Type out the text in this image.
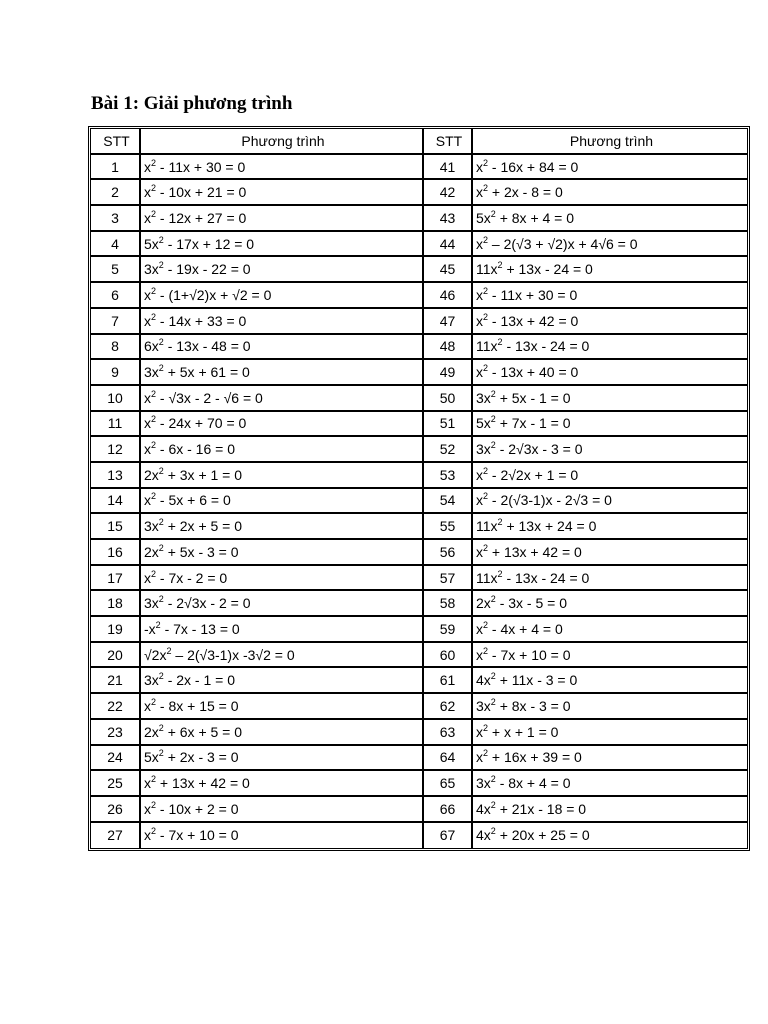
Bài 1: Giải phương trình
STT	Phương trình	STT	Phương trình
1	$x^2 - 11x + 30 = 0$	41	$x^2 - 16x + 84 = 0$
2	$x^2 - 10x + 21 = 0$	42	$x^2 + 2x - 8 = 0$
3	$x^2 - 12x + 27 = 0$	43	$5x^2 + 8x + 4 = 0$
4	$5x^2 - 17x + 12 = 0$	44	$x^2 - 2(√3 + √2)x + 4√6 = 0$
5	$3x^2 - 19x - 22 = 0$	45	$11x^2 + 13x - 24 = 0$
6	$x^2 - (1+√2)x + √2 = 0$	46	$x^2 - 11x + 30 = 0$
7	$x^2 - 14x + 33 = 0$	47	$x^2 - 13x + 42 = 0$
8	$6x^2 - 13x - 48 = 0$	48	$11x^2 - 13x - 24 = 0$
9	$3x^2 + 5x + 61 = 0$	49	$x^2 - 13x + 40 = 0$
10	$x^2 - √3x - 2 - √6 = 0$	50	$3x^2 + 5x - 1 = 0$
11	$x^2 - 24x + 70 = 0$	51	$5x^2 + 7x - 1 = 0$
12	$x^2 - 6x - 16 = 0$	52	$3x^2 - 2√3x - 3 = 0$
13	$2x^2 + 3x + 1 = 0$	53	$x^2 - 2√2x + 1 = 0$
14	$x^2 - 5x + 6 = 0$	54	$x^2 - 2(√3-1)x - 2√3 = 0$
15	$3x^2 + 2x + 5 = 0$	55	$11x^2 + 13x + 24 = 0$
16	$2x^2 + 5x - 3 = 0$	56	$x^2 + 13x + 42 = 0$
17	$x^2 - 7x - 2 = 0$	57	$11x^2 - 13x - 24 = 0$
18	$3x^2 - 2√3x - 2 = 0$	58	$2x^2 - 3x - 5 = 0$
19	$-x^2 - 7x - 13 = 0$	59	$x^2 - 4x + 4 = 0$
20	$√2x^2 - 2(√3-1)x$ -3√2 = 0	60	$x^2 - 7x + 10 = 0$
21	$3x^2 - 2x - 1 = 0$	61	$4x^2 + 11x - 3 = 0$
22	$x^2 - 8x + 15 = 0$	62	$3x^2 + 8x - 3 = 0$
23	$2x^2 + 6x + 5 = 0$	63	$x^2 + x + 1 = 0$
24	$5x^2 + 2x - 3 = 0$	64	$x^2 + 16x + 39 = 0$
25	$x^2 + 13x + 42 = 0$	65	$3x^2 - 8x + 4 = 0$
26	$x^2 - 10x + 2 = 0$	66	$4x^2 + 21x - 18 = 0$
27	$x^2 - 7x + 10 = 0$	67	$4x^2 + 20x + 25 = 0$
